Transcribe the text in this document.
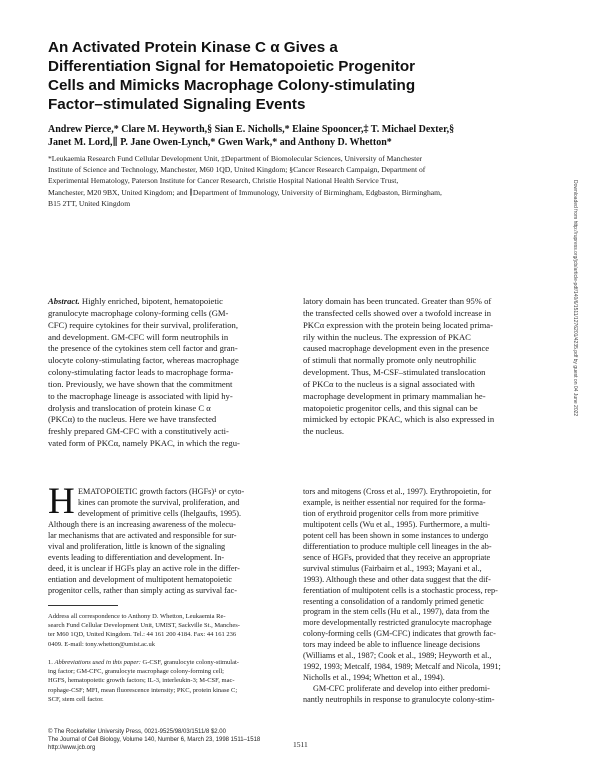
An Activated Protein Kinase C α Gives a
Differentiation Signal for Hematopoietic Progenitor
Cells and Mimicks Macrophage Colony-stimulating
Factor–stimulated Signaling Events
Andrew Pierce,* Clare M. Heyworth,§ Sian E. Nicholls,* Elaine Spooncer,‡ T. Michael Dexter,§
Janet M. Lord,∥ P. Jane Owen-Lynch,* Gwen Wark,* and Anthony D. Whetton*
*Leukaemia Research Fund Cellular Development Unit, ‡Department of Biomolecular Sciences, University of Manchester
Institute of Science and Technology, Manchester, M60 1QD, United Kingdom; §Cancer Research Campaign, Department of
Experimental Hematology, Paterson Institute for Cancer Research, Christie Hospital National Health Service Trust,
Manchester, M20 9BX, United Kingdom; and ∥Department of Immunology, University of Birmingham, Edgbaston, Birmingham,
B15 2TT, United Kingdom	Downloaded from http://rupress.org/jcb/article-pdf/140/6/1511/1276201/4235.pdf by guest on 04 June 2022
Abstract. Highly enriched, bipotent, hematopoietic
granulocyte macrophage colony-forming cells (GM-
CFC) require cytokines for their survival, proliferation,
and development. GM-CFC will form neutrophils in
the presence of the cytokines stem cell factor and gran-
ulocyte colony-stimulating factor, whereas macrophage
colony-stimulating factor leads to macrophage forma-
tion. Previously, we have shown that the commitment
to the macrophage lineage is associated with lipid hy-
drolysis and translocation of protein kinase C α
(PKCα) to the nucleus. Here we have transfected
freshly prepared GM-CFC with a constitutively acti-
vated form of PKCα, namely PKAC, in which the regu-
latory domain has been truncated. Greater than 95% of
the transfected cells showed over a twofold increase in
PKCα expression with the protein being located prima-
rily within the nucleus. The expression of PKAC
caused macrophage development even in the presence
of stimuli that normally promote only neutrophilic
development. Thus, M-CSF–stimulated translocation
of PKCα to the nucleus is a signal associated with
macrophage development in primary mammalian he-
matopoietic progenitor cells, and this signal can be
mimicked by ectopic PKAC, which is also expressed in
the nucleus.
H EMATOPOIETIC growth factors (HGFs)¹ or cyto-
kines can promote the survival, proliferation, and
development of primitive cells (Ihelgaufts, 1995).
Although there is an increasing awareness of the molecu-
lar mechanisms that are activated and responsible for sur-
vival and proliferation, little is known of the signaling
events leading to differentiation and development. In-
deed, it is unclear if HGFs play an active role in the differ-
entiation and development of multipotent hematopoietic
progenitor cells, rather than simply acting as survival fac-
tors and mitogens (Cross et al., 1997). Erythropoietin, for
example, is neither essential nor required for the forma-
tion of erythroid progenitor cells from more primitive
multipotent cells (Wu et al., 1995). Furthermore, a multi-
potent cell has been shown in some instances to undergo
differentiation to produce multiple cell lineages in the ab-
sence of HGFs, provided that they receive an appropriate
survival stimulus (Fairbairn et al., 1993; Mayani et al.,
1993). Although these and other data suggest that the dif-
ferentiation of multipotent cells is a stochastic process, rep-
resenting a consolidation of a randomly primed genetic
program in the stem cells (Hu et al., 1997), data from the
more developmentally restricted granulocyte macrophage
colony-forming cells (GM-CFC) indicates that growth fac-
tors may indeed be able to influence lineage decisions
(Williams et al., 1987; Cook et al., 1989; Heyworth et al.,
1992, 1993; Metcalf, 1984, 1989; Metcalf and Nicola, 1991;
Nicholls et al., 1994; Whetton et al., 1994).
GM-CFC proliferate and develop into either predomi-
nantly neutrophils in response to granulocyte colony-stim-
Address all correspondence to Anthony D. Whetton, Leukaemia Re-
search Fund Cellular Development Unit, UMIST, Sackville St., Manches-
ter M60 1QD, United Kingdom. Tel.: 44 161 200 4184. Fax: 44 161 236
0409. E-mail: tony.whetton@umist.ac.uk
1. Abbreviations used in this paper: G-CSF, granulocyte colony-stimulat-
ing factor; GM-CFC, granulocyte macrophage colony-forming cell;
HGFS, hematopoietic growth factors; IL-3, interleukin-3; M-CSF, mac-
rophage-CSF; MFI, mean fluorescence intensity; PKC, protein kinase C;
SCF, stem cell factor.
© The Rockefeller University Press, 0021-9525/98/03/1511/8 $2.00
The Journal of Cell Biology, Volume 140, Number 6, March 23, 1998 1511–1518
http://www.jcb.org	1511
